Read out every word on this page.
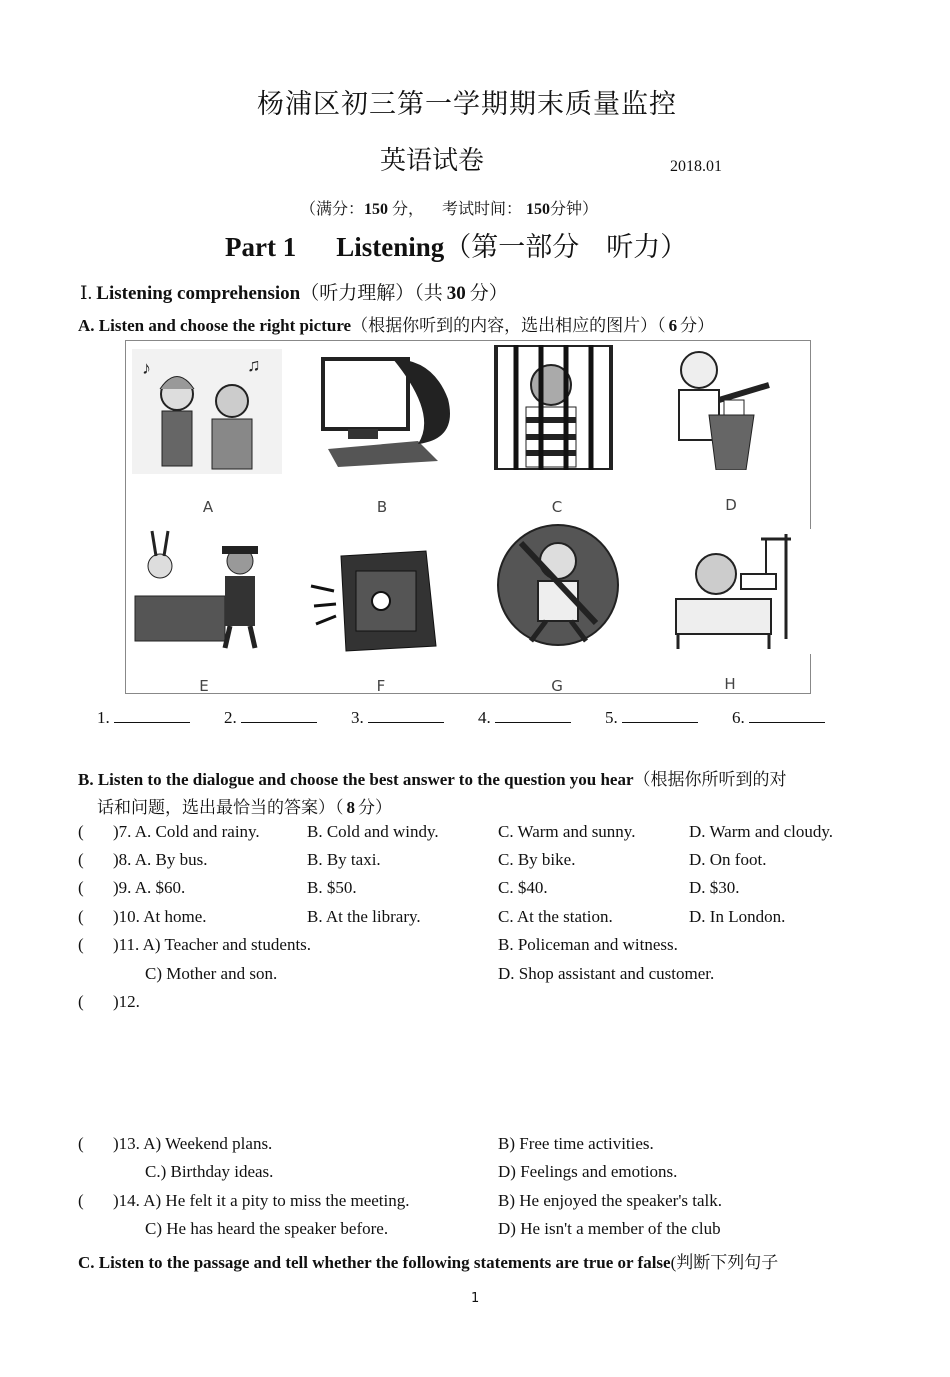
杨浦区初三第一学期期末质量监控
英语试卷	2018.01
（满分：150 分， 考试时间： 150分钟）
Part 1 Listening（第一部分　听力）
Ⅰ. Listening comprehension（听力理解）（共 30 分）
A. Listen and choose the right picture（根据你听到的内容，选出相应的图片）（ 6 分）
♪	♫
A	B	C	D
E	F	G	H
1.	2.	3.	4.	5.	6.
B. Listen to the dialogue and choose the best answer to the question you hear（根据你所听到的对
话和问题，选出最恰当的答案）（ 8 分）
( )7. A. Cold and rainy.	B. Cold and windy.	C. Warm and sunny.	D. Warm and cloudy.
( )8. A. By bus.	B. By taxi.	C. By bike.	D. On foot.
( )9. A. $60.	B. $50.	C. $40.	D. $30.
( )10. At home.	B. At the library.	C. At the station.	D. In London.
( )11. A) Teacher and students.	B. Policeman and witness.
C) Mother and son.	D. Shop assistant and customer.
( )12.
( )13. A) Weekend plans.	B) Free time activities.
C.) Birthday ideas.	D) Feelings and emotions.
( )14. A) He felt it a pity to miss the meeting.	B) He enjoyed the speaker's talk.
C) He has heard the speaker before.	D) He isn't a member of the club
C. Listen to the passage and tell whether the following statements are true or false(判断下列句子
1
